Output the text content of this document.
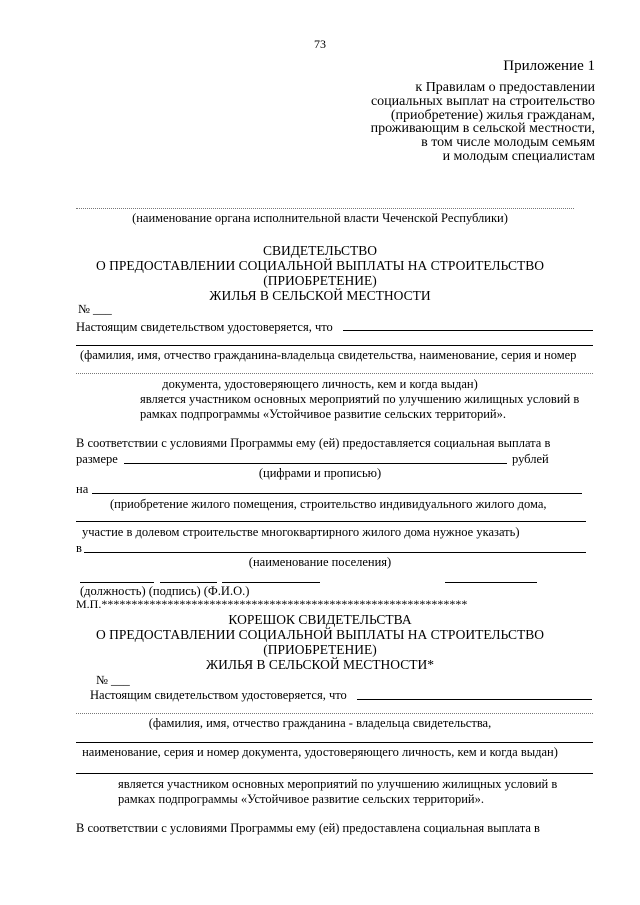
73
Приложение 1
к Правилам о предоставлении
социальных выплат на строительство
(приобретение) жилья гражданам,
проживающим в сельской местности,
в том числе молодым семьям
и молодым специалистам
(наименование органа исполнительной власти Чеченской Республики)
СВИДЕТЕЛЬСТВО
О ПРЕДОСТАВЛЕНИИ СОЦИАЛЬНОЙ ВЫПЛАТЫ НА СТРОИТЕЛЬСТВО
(ПРИОБРЕТЕНИЕ)
ЖИЛЬЯ В СЕЛЬСКОЙ МЕСТНОСТИ
№ ___
Настоящим свидетельством удостоверяется, что
(фамилия, имя, отчество гражданина-владельца свидетельства, наименование, серия и номер
документа, удостоверяющего личность, кем и когда выдан)
является участником основных мероприятий по улучшению жилищных условий в
рамках подпрограммы «Устойчивое развитие сельских территорий».
В соответствии с условиями Программы ему (ей) предоставляется социальная выплата в
размере	рублей
(цифрами и прописью)
на
(приобретение жилого помещения, строительство индивидуального жилого дома,
участие в долевом строительстве многоквартирного жилого дома нужное указать)
в
(наименование поселения)
(должность) (подпись) (Ф.И.О.)
М.П.*************************************************************
КОРЕШОК СВИДЕТЕЛЬСТВА
О ПРЕДОСТАВЛЕНИИ СОЦИАЛЬНОЙ ВЫПЛАТЫ НА СТРОИТЕЛЬСТВО
(ПРИОБРЕТЕНИЕ)
ЖИЛЬЯ В СЕЛЬСКОЙ МЕСТНОСТИ*
№ ___
Настоящим свидетельством удостоверяется, что
(фамилия, имя, отчество гражданина - владельца свидетельства,
наименование, серия и номер документа, удостоверяющего личность, кем и когда выдан)
является участником основных мероприятий по улучшению жилищных условий в
рамках подпрограммы «Устойчивое развитие сельских территорий».
В соответствии с условиями Программы ему (ей) предоставлена социальная выплата в
